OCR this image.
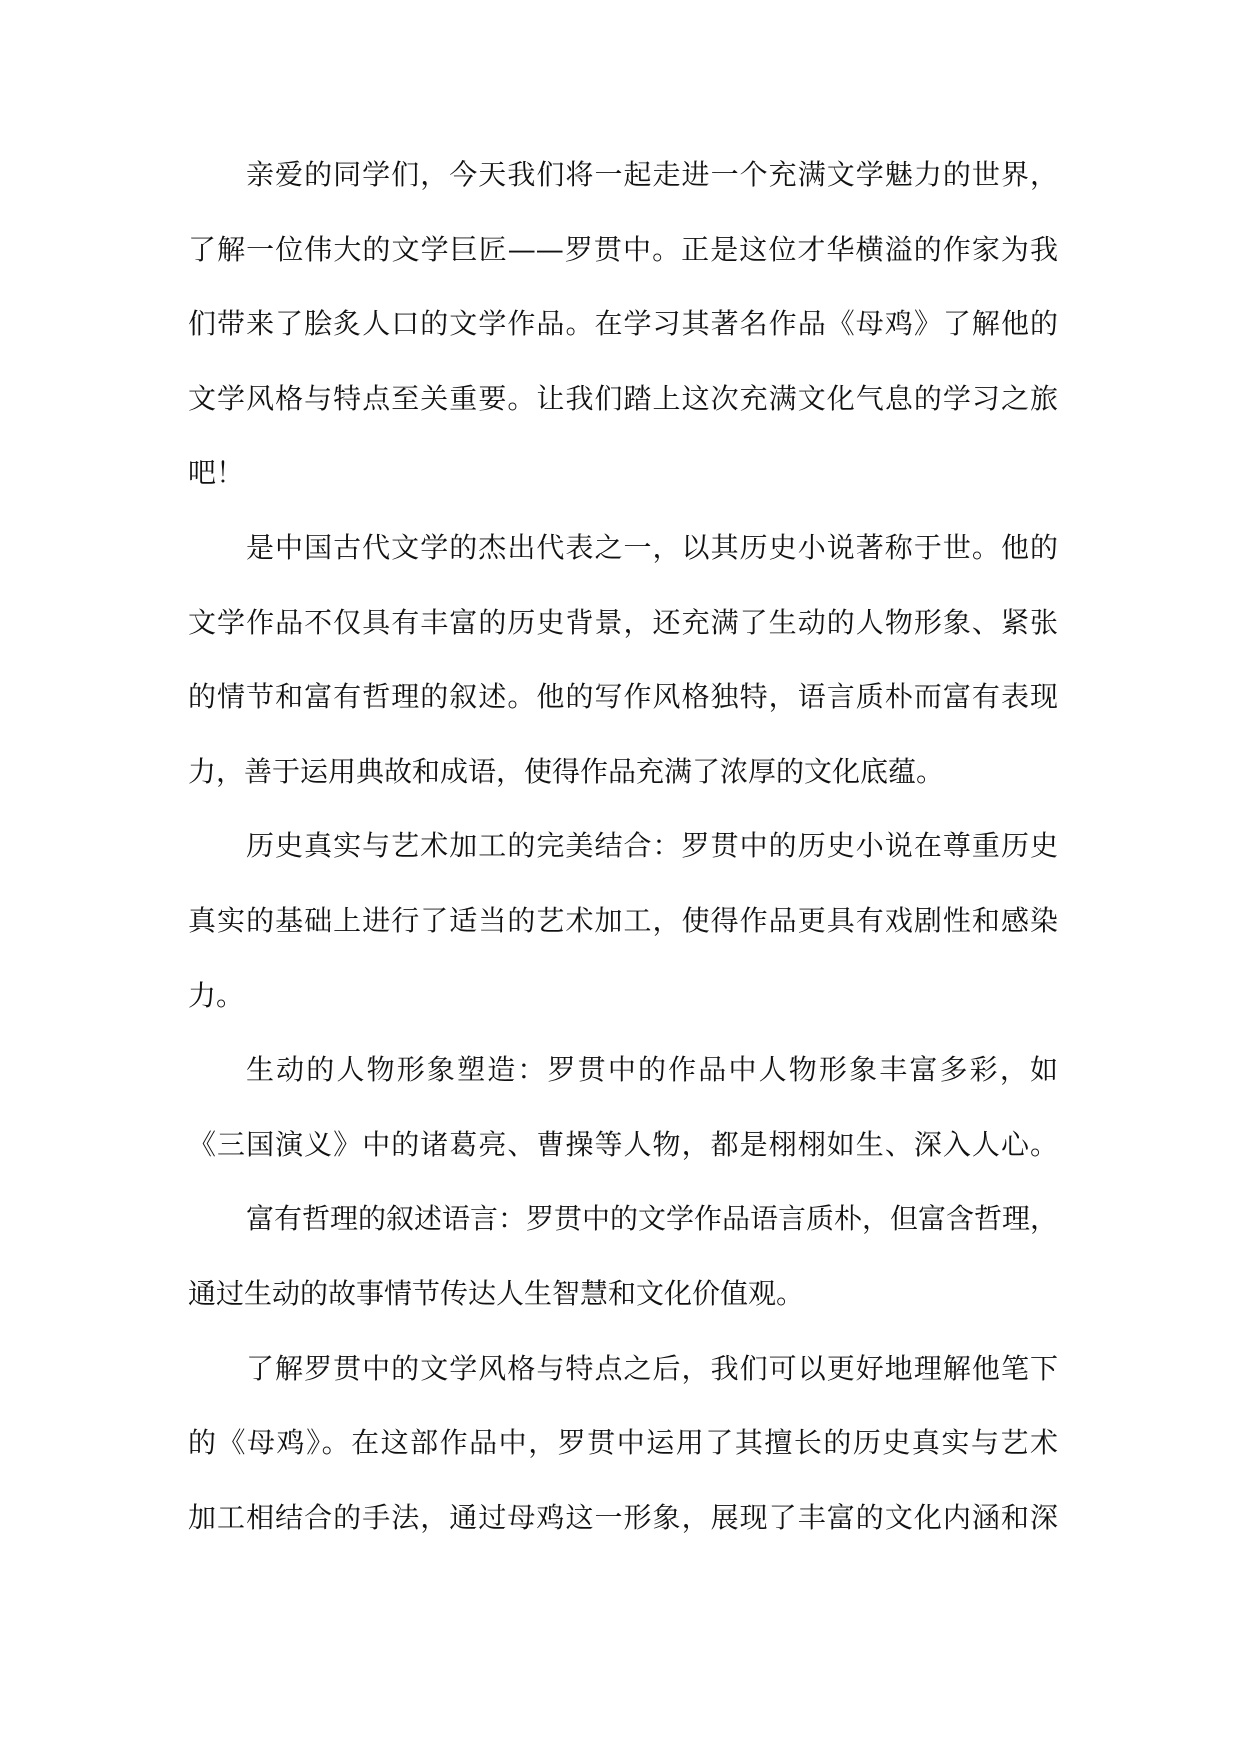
亲爱的同学们，今天我们将一起走进一个充满文学魅力的世界，
了解一位伟大的文学巨匠——罗贯中。正是这位才华横溢的作家为我
们带来了脍炙人口的文学作品。在学习其著名作品《母鸡》了解他的
文学风格与特点至关重要。让我们踏上这次充满文化气息的学习之旅
吧！
是中国古代文学的杰出代表之一，以其历史小说著称于世。他的
文学作品不仅具有丰富的历史背景，还充满了生动的人物形象、紧张
的情节和富有哲理的叙述。他的写作风格独特，语言质朴而富有表现
力，善于运用典故和成语，使得作品充满了浓厚的文化底蕴。
历史真实与艺术加工的完美结合：罗贯中的历史小说在尊重历史
真实的基础上进行了适当的艺术加工，使得作品更具有戏剧性和感染
力。
生动的人物形象塑造：罗贯中的作品中人物形象丰富多彩，如
《三国演义》中的诸葛亮、曹操等人物，都是栩栩如生、深入人心。
富有哲理的叙述语言：罗贯中的文学作品语言质朴，但富含哲理，
通过生动的故事情节传达人生智慧和文化价值观。
了解罗贯中的文学风格与特点之后，我们可以更好地理解他笔下
的《母鸡》。在这部作品中，罗贯中运用了其擅长的历史真实与艺术
加工相结合的手法，通过母鸡这一形象，展现了丰富的文化内涵和深
